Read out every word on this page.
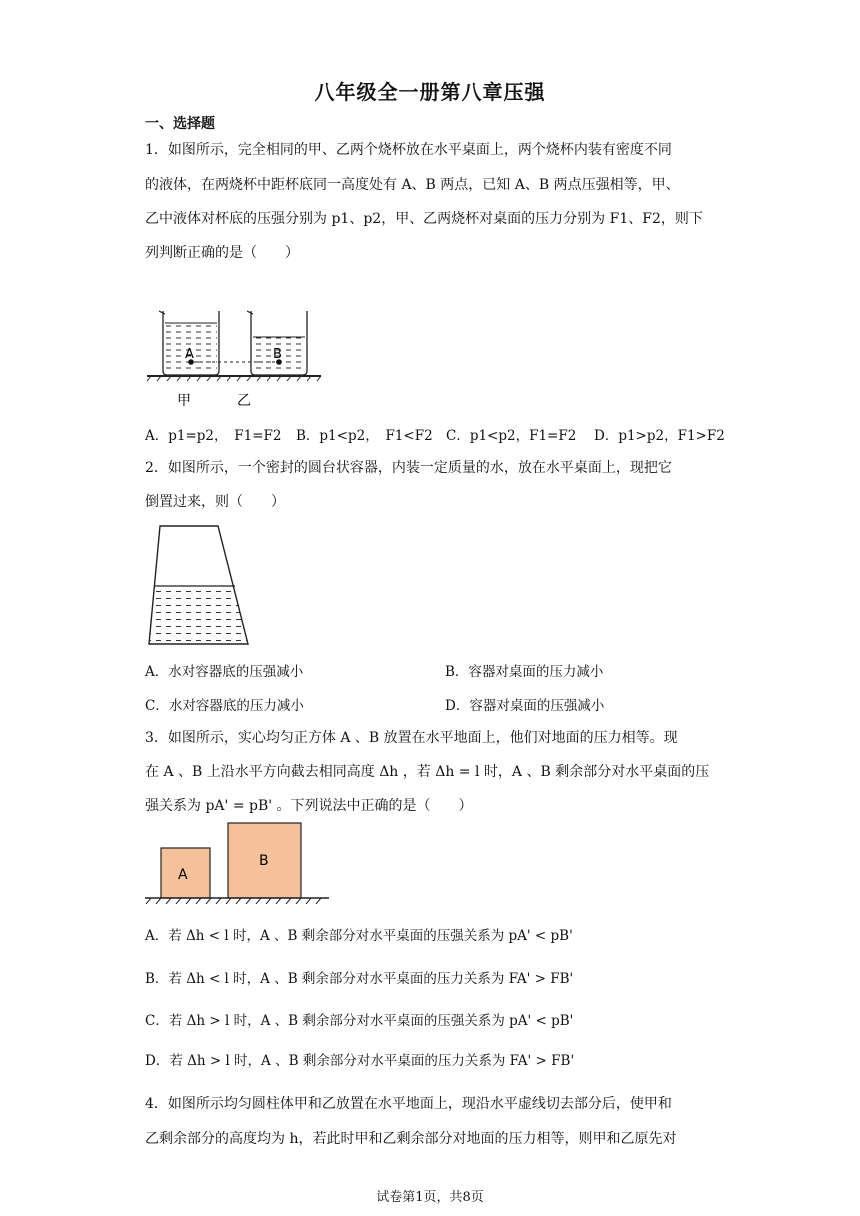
八年级全一册第八章压强
一、选择题
1．如图所示，完全相同的甲、乙两个烧杯放在水平桌面上，两个烧杯内装有密度不同
的液体，在两烧杯中距杯底同一高度处有 A、B 两点，已知 A、B 两点压强相等，甲、
乙中液体对杯底的压强分别为 p1、p2，甲、乙两烧杯对桌面的压力分别为 F1、F2，则下
列判断正确的是（　　）
A	B
甲	乙
A．p1=p2，　F1=F2 B．p1<p2，　F1<F2 C．p1<p2，F1=F2 D．p1>p2，F1>F2
2．如图所示，一个密封的圆台状容器，内装一定质量的水，放在水平桌面上，现把它
倒置过来，则（　　）
A．水对容器底的压强减小	B．容器对桌面的压力减小
C．水对容器底的压力减小	D．容器对桌面的压强减小
3．如图所示，实心均匀正方体 A 、B 放置在水平地面上，他们对地面的压力相等。现
在 A 、B 上沿水平方向截去相同高度 Δh ，若 Δh = l 时，A 、B 剩余部分对水平桌面的压
强关系为 pA' = pB' 。下列说法中正确的是（　　）
A
B
A．若 Δh < l 时，A 、B 剩余部分对水平桌面的压强关系为 pA' < pB'
B．若 Δh < l 时，A 、B 剩余部分对水平桌面的压力关系为 FA' > FB'
C．若 Δh > l 时，A 、B 剩余部分对水平桌面的压强关系为 pA' < pB'
D．若 Δh > l 时，A 、B 剩余部分对水平桌面的压力关系为 FA' > FB'
4．如图所示均匀圆柱体甲和乙放置在水平地面上，现沿水平虚线切去部分后，使甲和
乙剩余部分的高度均为 h，若此时甲和乙剩余部分对地面的压力相等，则甲和乙原先对
试卷第1页，共8页
